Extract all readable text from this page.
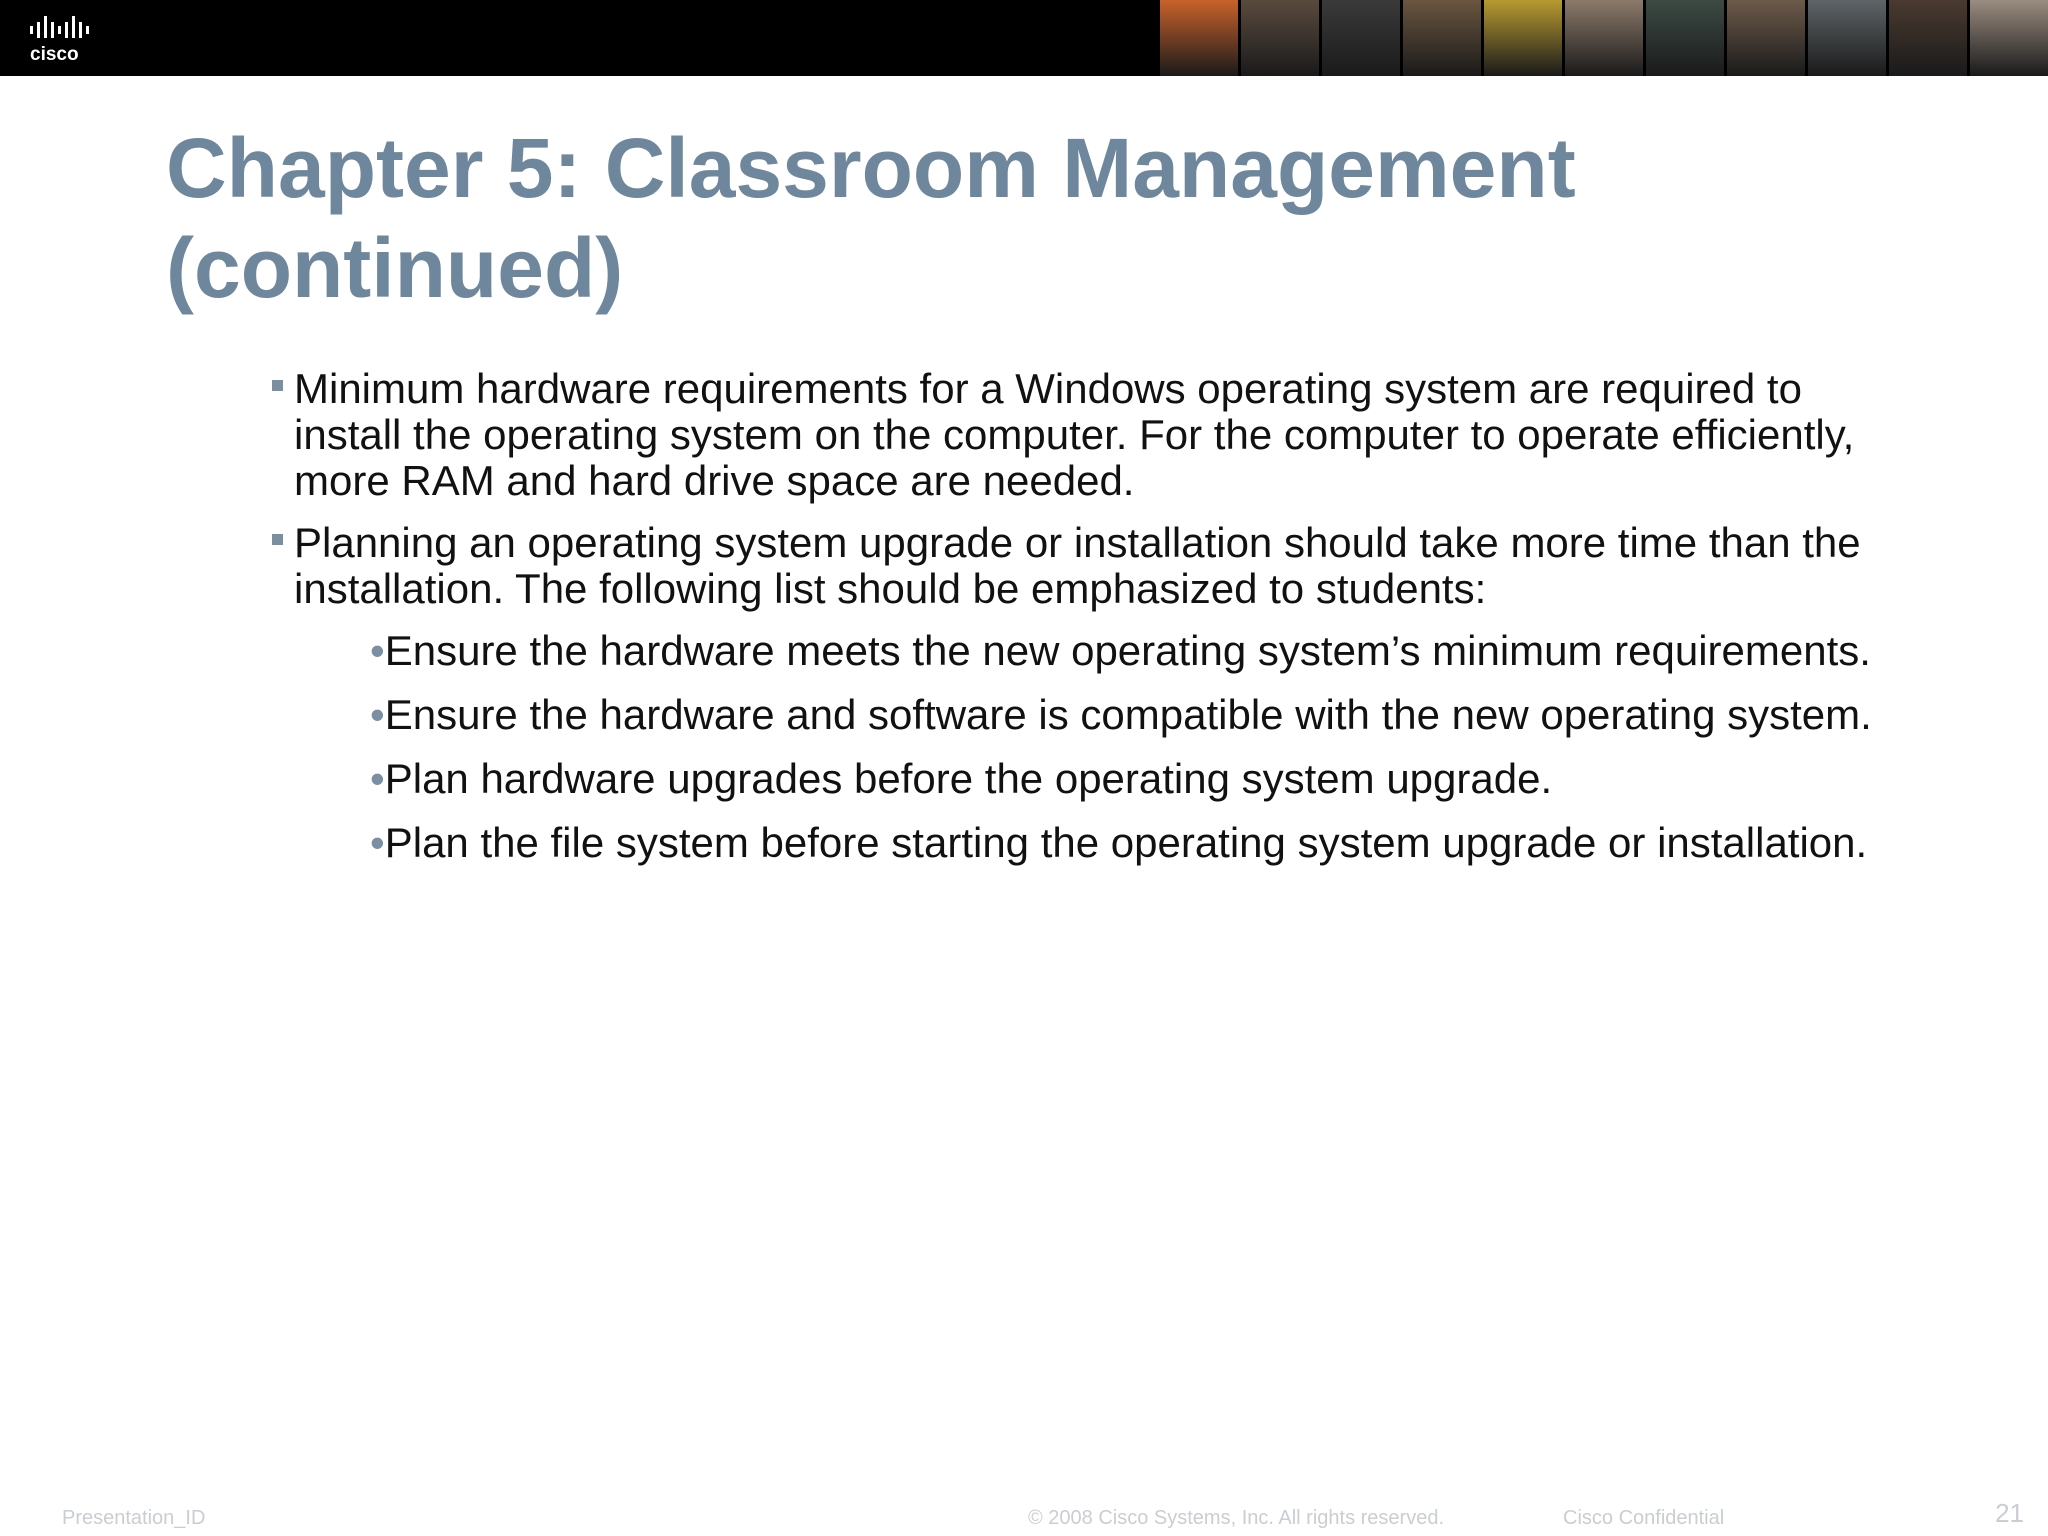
cisco
Chapter 5: Classroom Management (continued)
Minimum hardware requirements for a Windows operating system are required to install the operating system on the computer. For the computer to operate efficiently, more RAM and hard drive space are needed.
Planning an operating system upgrade or installation should take more time than the installation. The following list should be emphasized to students:
•Ensure the hardware meets the new operating system’s minimum requirements.
•Ensure the hardware and software is compatible with the new operating system.
•Plan hardware upgrades before the operating system upgrade.
•Plan the file system before starting the operating system upgrade or installation.
Presentation_ID	© 2008 Cisco Systems, Inc. All rights reserved.	Cisco Confidential	21
